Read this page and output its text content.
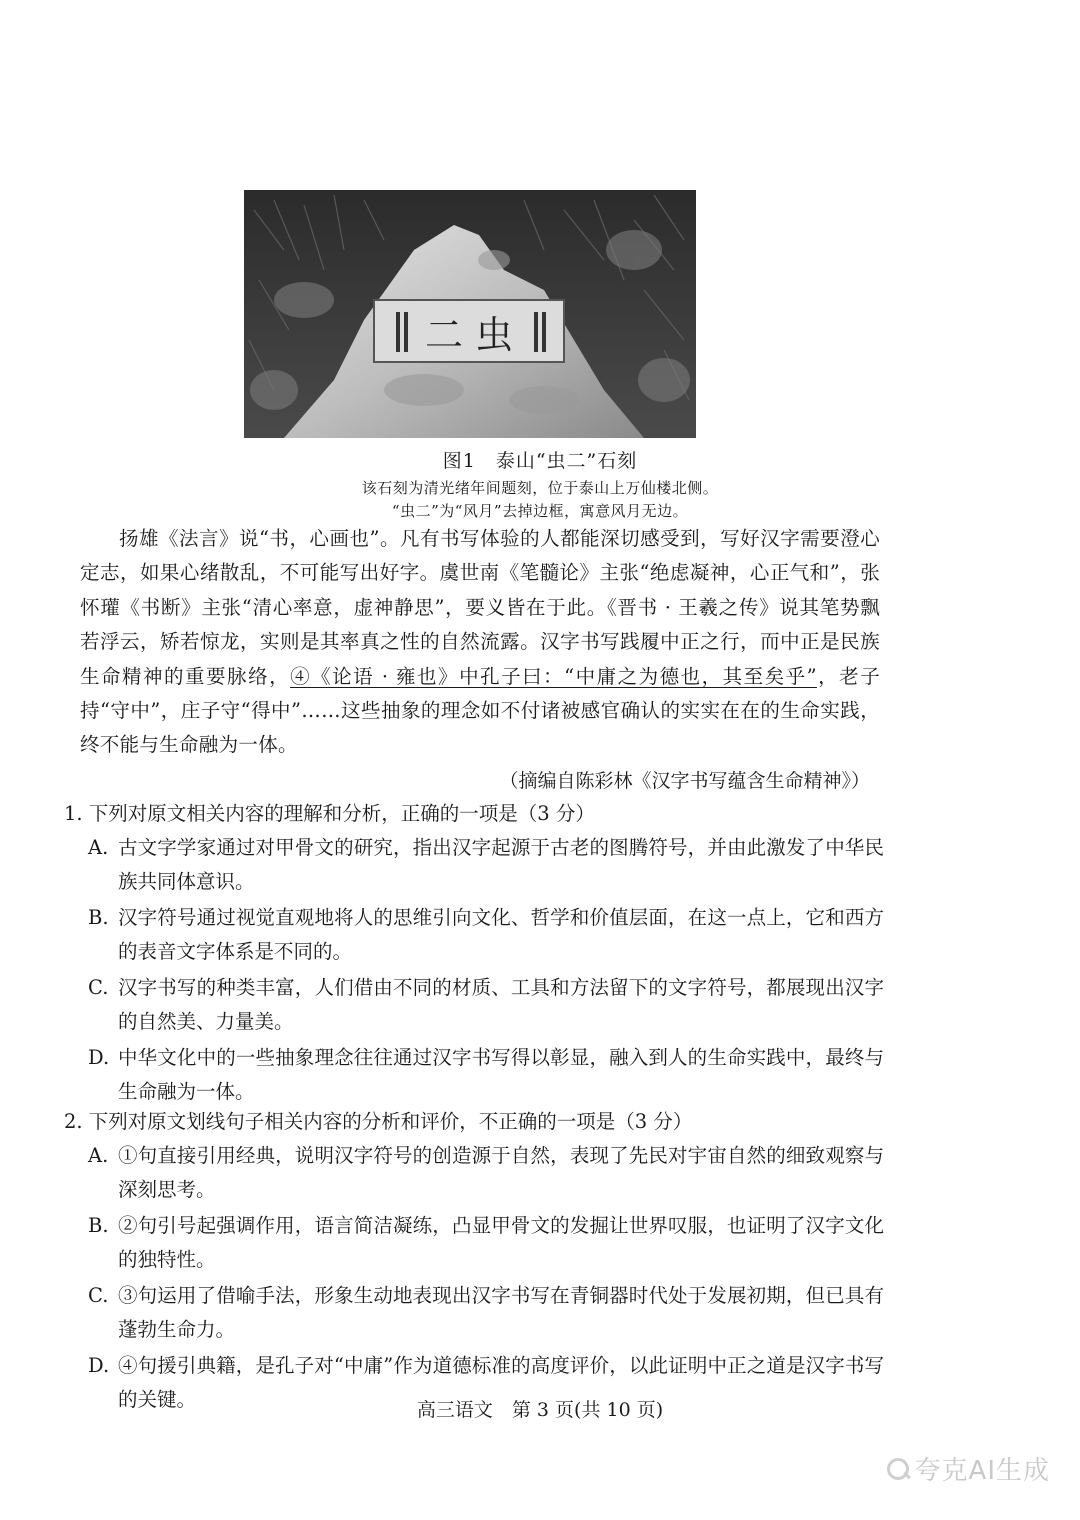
二 虫
图1　泰山“虫二”石刻
该石刻为清光绪年间题刻，位于泰山上万仙楼北侧。
“虫二”为“风月”去掉边框，寓意风月无边。

扬雄《法言》说“书，心画也”。凡有书写体验的人都能深切感受到，写好汉字需要澄心定志，如果心绪散乱，不可能写出好字。虞世南《笔髓论》主张“绝虑凝神，心正气和”，张怀瓘《书断》主张“清心率意，虚神静思”，要义皆在于此。《晋书 · 王羲之传》说其笔势飘若浮云，矫若惊龙，实则是其率真之性的自然流露。汉字书写践履中正之行，而中正是民族生命精神的重要脉络，④《论语 · 雍也》中孔子曰：“中庸之为德也，其至矣乎”，老子持“守中”，庄子守“得中”……这些抽象的理念如不付诸被感官确认的实实在在的生命实践，终不能与生命融为一体。

（摘编自陈彩林《汉字书写蕴含生命精神》）

1. 下列对原文相关内容的理解和分析，正确的一项是（3 分）

A. 古文字学家通过对甲骨文的研究，指出汉字起源于古老的图腾符号，并由此激发了中华民族共同体意识。
B. 汉字符号通过视觉直观地将人的思维引向文化、哲学和价值层面，在这一点上，它和西方的表音文字体系是不同的。
C. 汉字书写的种类丰富，人们借由不同的材质、工具和方法留下的文字符号，都展现出汉字的自然美、力量美。
D. 中华文化中的一些抽象理念往往通过汉字书写得以彰显，融入到人的生命实践中，最终与生命融为一体。

2. 下列对原文划线句子相关内容的分析和评价，不正确的一项是（3 分）

A. ①句直接引用经典，说明汉字符号的创造源于自然，表现了先民对宇宙自然的细致观察与深刻思考。
B. ②句引号起强调作用，语言简洁凝练，凸显甲骨文的发掘让世界叹服，也证明了汉字文化的独特性。
C. ③句运用了借喻手法，形象生动地表现出汉字书写在青铜器时代处于发展初期，但已具有蓬勃生命力。
D. ④句援引典籍，是孔子对“中庸”作为道德标准的高度评价，以此证明中正之道是汉字书写的关键。	高三语文　第 3 页(共 10 页)
夸克AI生成
